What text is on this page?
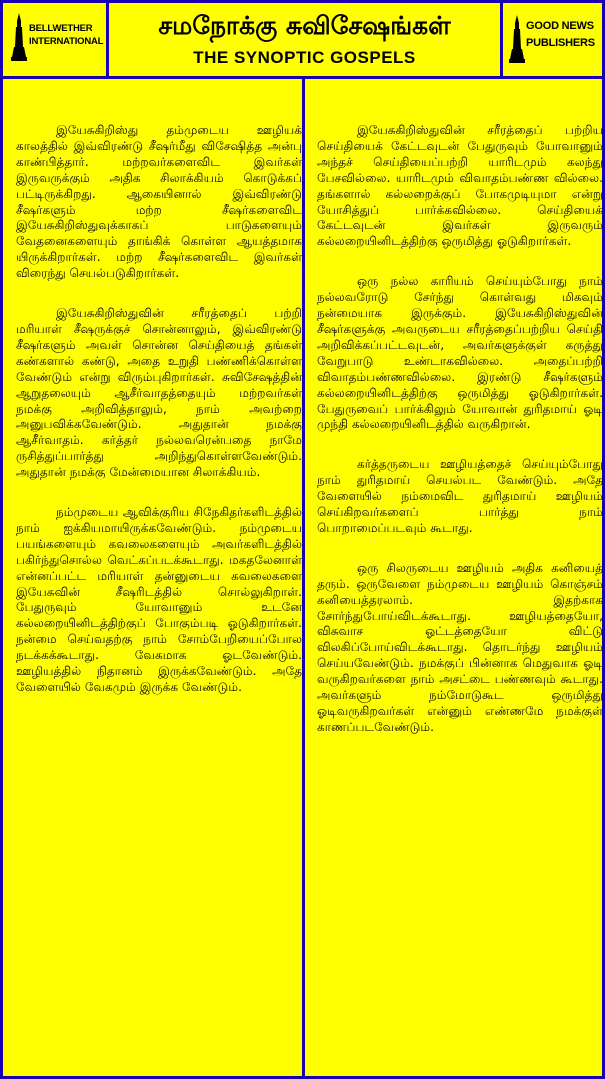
BELLWETHER
INTERNATIONAL
சமநோக்கு சுவிசேஷங்கள்
THE SYNOPTIC GOSPELS
GOOD NEWS
PUBLISHERS

இயேசுகிறிஸ்து தம்முடைய ஊழியக் காலத்தில் இவ்விரண்டு சீஷர்மீது விசேஷித்த அன்பு காண்பித்தார். மற்றவர்களைவிட இவர்கள் இருவருக்கும் அதிக சிலாக்கியம் கொடுக்கப் பட்டிருக்கிறது. ஆகையினால் இவ்விரண்டு சீஷர்களும் மற்ற சீஷர்களைவிட இயேசுகிறிஸ்துவுக்காகப் பாடுகளையும் வேதனைகளையும் தாங்கிக் கொள்ள ஆயத்தமாக யிருக்கிறார்கள். மற்ற சீஷர்களைவிட இவர்கள் விரைந்து செயல்படுகிறார்கள்.

இயேசுகிறிஸ்துவின் சரீரத்தைப் பற்றி மரியாள் சீஷருக்குச் சொன்னாலும், இவ்விரண்டு சீஷர்களும் அவள் சொன்ன செய்தியைத் தங்கள் கண்களால் கண்டு, அதை உறுதி பண்ணிக்கொள்ள வேண்டும் என்று விரும்புகிறார்கள். சுவிசேஷத்தின் ஆறுதலையும் ஆசீர்வாதத்தையும் மற்றவர்கள் நமக்கு அறிவித்தாலும், நாம் அவற்றை அனுபவிக்கவேண்டும். அதுதான் நமக்கு ஆசீர்வாதம். கர்த்தர் நல்லவரென்பதை நாமே ருசித்துப்பார்த்து அறிந்துகொள்ளவேண்டும். அதுதான் நமக்கு மேன்மையான சிலாக்கியம்.

நம்முடைய ஆவிக்குரிய சிநேகிதர்களிடத்தில் நாம் ஐக்கியமாயிருக்கவேண்டும். நம்முடைய பயங்களையும் கவலைகளையும் அவர்களிடத்தில் பகிர்ந்துசொல்ல வெட்கப்படக்கூடாது. மகதலேனாள் என்னப்பட்ட மரியாள் தன்னுடைய கவலைகளை இயேசுவின் சீஷரிடத்தில் சொல்லுகிறாள். பேதுருவும் யோவானும் உடனே கல்லறையினிடத்திற்குப் போகும்படி ஓடுகிறார்கள். நன்மை செய்வதற்கு நாம் சோம்பேறியைப்போல நடக்கக்கூடாது. வேகமாக ஓடவேண்டும். ஊழியத்தில் நிதானம் இருக்கவேண்டும். அதே வேளையில் வேகமும் இருக்க வேண்டும்.

இயேசுகிறிஸ்துவின் சரீரத்தைப் பற்றிய செய்தியைக் கேட்டவுடன் பேதுருவும் யோவானும் அந்தச் செய்தியைப்பற்றி யாரிடமும் கலந்து பேசவில்லை. யாரிடமும் விவாதம்பண்ண வில்லை. தங்களால் கல்லறைக்குப் போகமுடியுமா என்று யோசித்துப் பார்க்கவில்லை. செய்தியைக் கேட்டவுடன் இவர்கள் இருவரும் கல்லறையினிடத்திற்கு ஒருமித்து ஓடுகிறார்கள்.

ஒரு நல்ல காரியம் செய்யும்போது நாம் நல்லவரோடு சேர்ந்து கொள்வது மிகவும் நன்மையாக இருக்கும். இயேசுகிறிஸ்துவின் சீஷர்களுக்கு அவருடைய சரீரத்தைப்பற்றிய செய்தி அறிவிக்கப்பட்டவுடன், அவர்களுக்குள் கருத்து வேறுபாடு உண்டாகவில்லை. அதைப்பற்றி விவாதம்பண்ணவில்லை. இரண்டு சீஷர்களும் கல்லறையினிடத்திற்கு ஒருமித்து ஓடுகிறார்கள். பேதுருவைப் பார்க்கிலும் யோவான் துரிதமாய் ஓடி முந்தி கல்லறையினிடத்தில் வருகிறான்.

கர்த்தருடைய ஊழியத்தைச் செய்யும்போது நாம் துரிதமாய் செயல்பட வேண்டும். அதே வேளையில் நம்மைவிட துரிதமாய் ஊழியம் செய்கிறவர்களைப் பார்த்து நாம் பொறாமைப்படவும் கூடாது.

ஒரு சிலருடைய ஊழியம் அதிக கனியைத் தரும். ஒருவேளை நம்முடைய ஊழியம் கொஞ்சம் கனியைத்தரலாம். இதற்காக சோர்ந்துபோய்விடக்கூடாது. ஊழியத்தையோ, விசுவாச ஓட்டத்தையோ விட்டு விலகிப்போய்விடக்கூடாது. தொடர்ந்து ஊழியம் செய்யவேண்டும். நமக்குப் பின்னாக மெதுவாக ஓடி வருகிறவர்களை நாம் அசட்டை பண்ணவும் கூடாது. அவர்களும் நம்மோடுகூட ஒருமித்து ஓடிவருகிறவர்கள் என்னும் எண்ணமே நமக்குள் காணப்படவேண்டும்.
